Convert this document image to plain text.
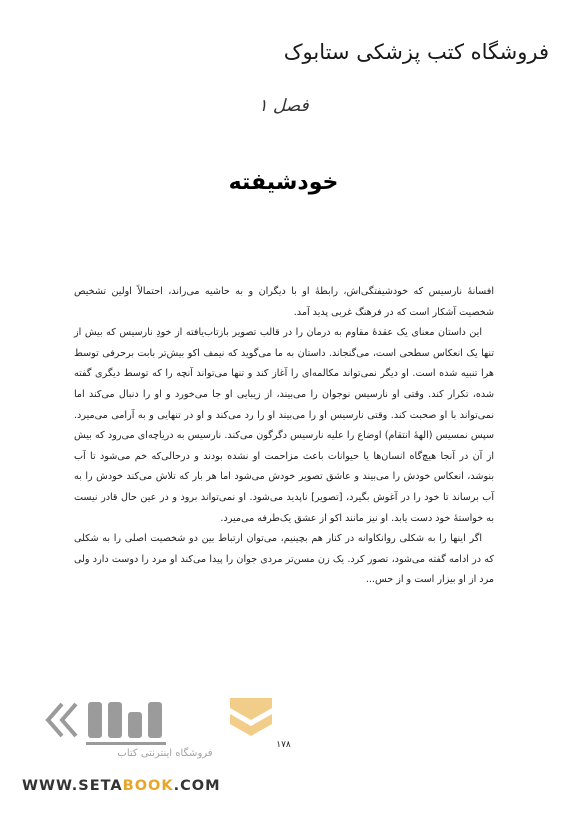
فروشگاه کتب پزشکی ستابوک
فصل ۱
خودشیفته

افسانهٔ نارسیس که خودشیفتگی‌اش، رابطهٔ او با دیگران و به حاشیه می‌راند، احتمالاً اولین تشخیص شخصیت آشکار است که در فرهنگ غربی پدید آمد.

این داستان معنای یک عقدهٔ مقاوم به درمان را در قالب تصویر بازتاب‌یافته از خودِ نارسیس که بیش از تنها یک انعکاس سطحی است، می‌گنجاند. داستان به ما می‌گوید که نیمف اکو بیش‌تر بابت برحرفی توسط هرا تنبیه شده است. او دیگر نمی‌تواند مکالمه‌ای را آغاز کند و تنها می‌تواند آنچه را که توسط دیگری گفته شده، تکرار کند. وقتی او نارسیس نوجوان را می‌بیند، از زیبایی او جا می‌خورد و او را دنبال می‌کند اما نمی‌تواند با او صحبت کند. وقتی نارسیس او را می‌بیند او را رد می‌کند و او در تنهایی و به آرامی می‌میرد. سپس نمسیس (الههٔ انتقام) اوضاع را علیه نارسیس دگرگون می‌کند. نارسیس به دریاچه‌ای می‌رود که بیش از آن در آنجا هیچ‌گاه انسان‌ها یا حیوانات باعث مزاحمت او نشده بودند و درحالی‌که خم می‌شود تا آب بنوشد، انعکاس خودش را می‌بیند و عاشق تصویر خودش می‌شود اما هر بار که تلاش می‌کند خودش را به آب برساند تا خود را در آغوش بگیرد، [تصویر] ناپدید می‌شود. او نمی‌تواند برود و در عین حال قادر نیست به خواستهٔ خود دست یابد. او نیز مانند اکو از عشق یک‌طرفه می‌میرد.

اگر اینها را به شکلی روانکاوانه در کنار هم بچینیم، می‌توان ارتباط بین دو شخصیت اصلی را به شکلی که در ادامه گفته می‌شود، تصور کرد. یک زن مسن‌تر مردی جوان را پیدا می‌کند او مرد را دوست دارد ولی مرد از او بیزار است و از حس...

۱۷۸
فروشگاه اینترنتی کتاب
WWW.SETABOOK.COM
